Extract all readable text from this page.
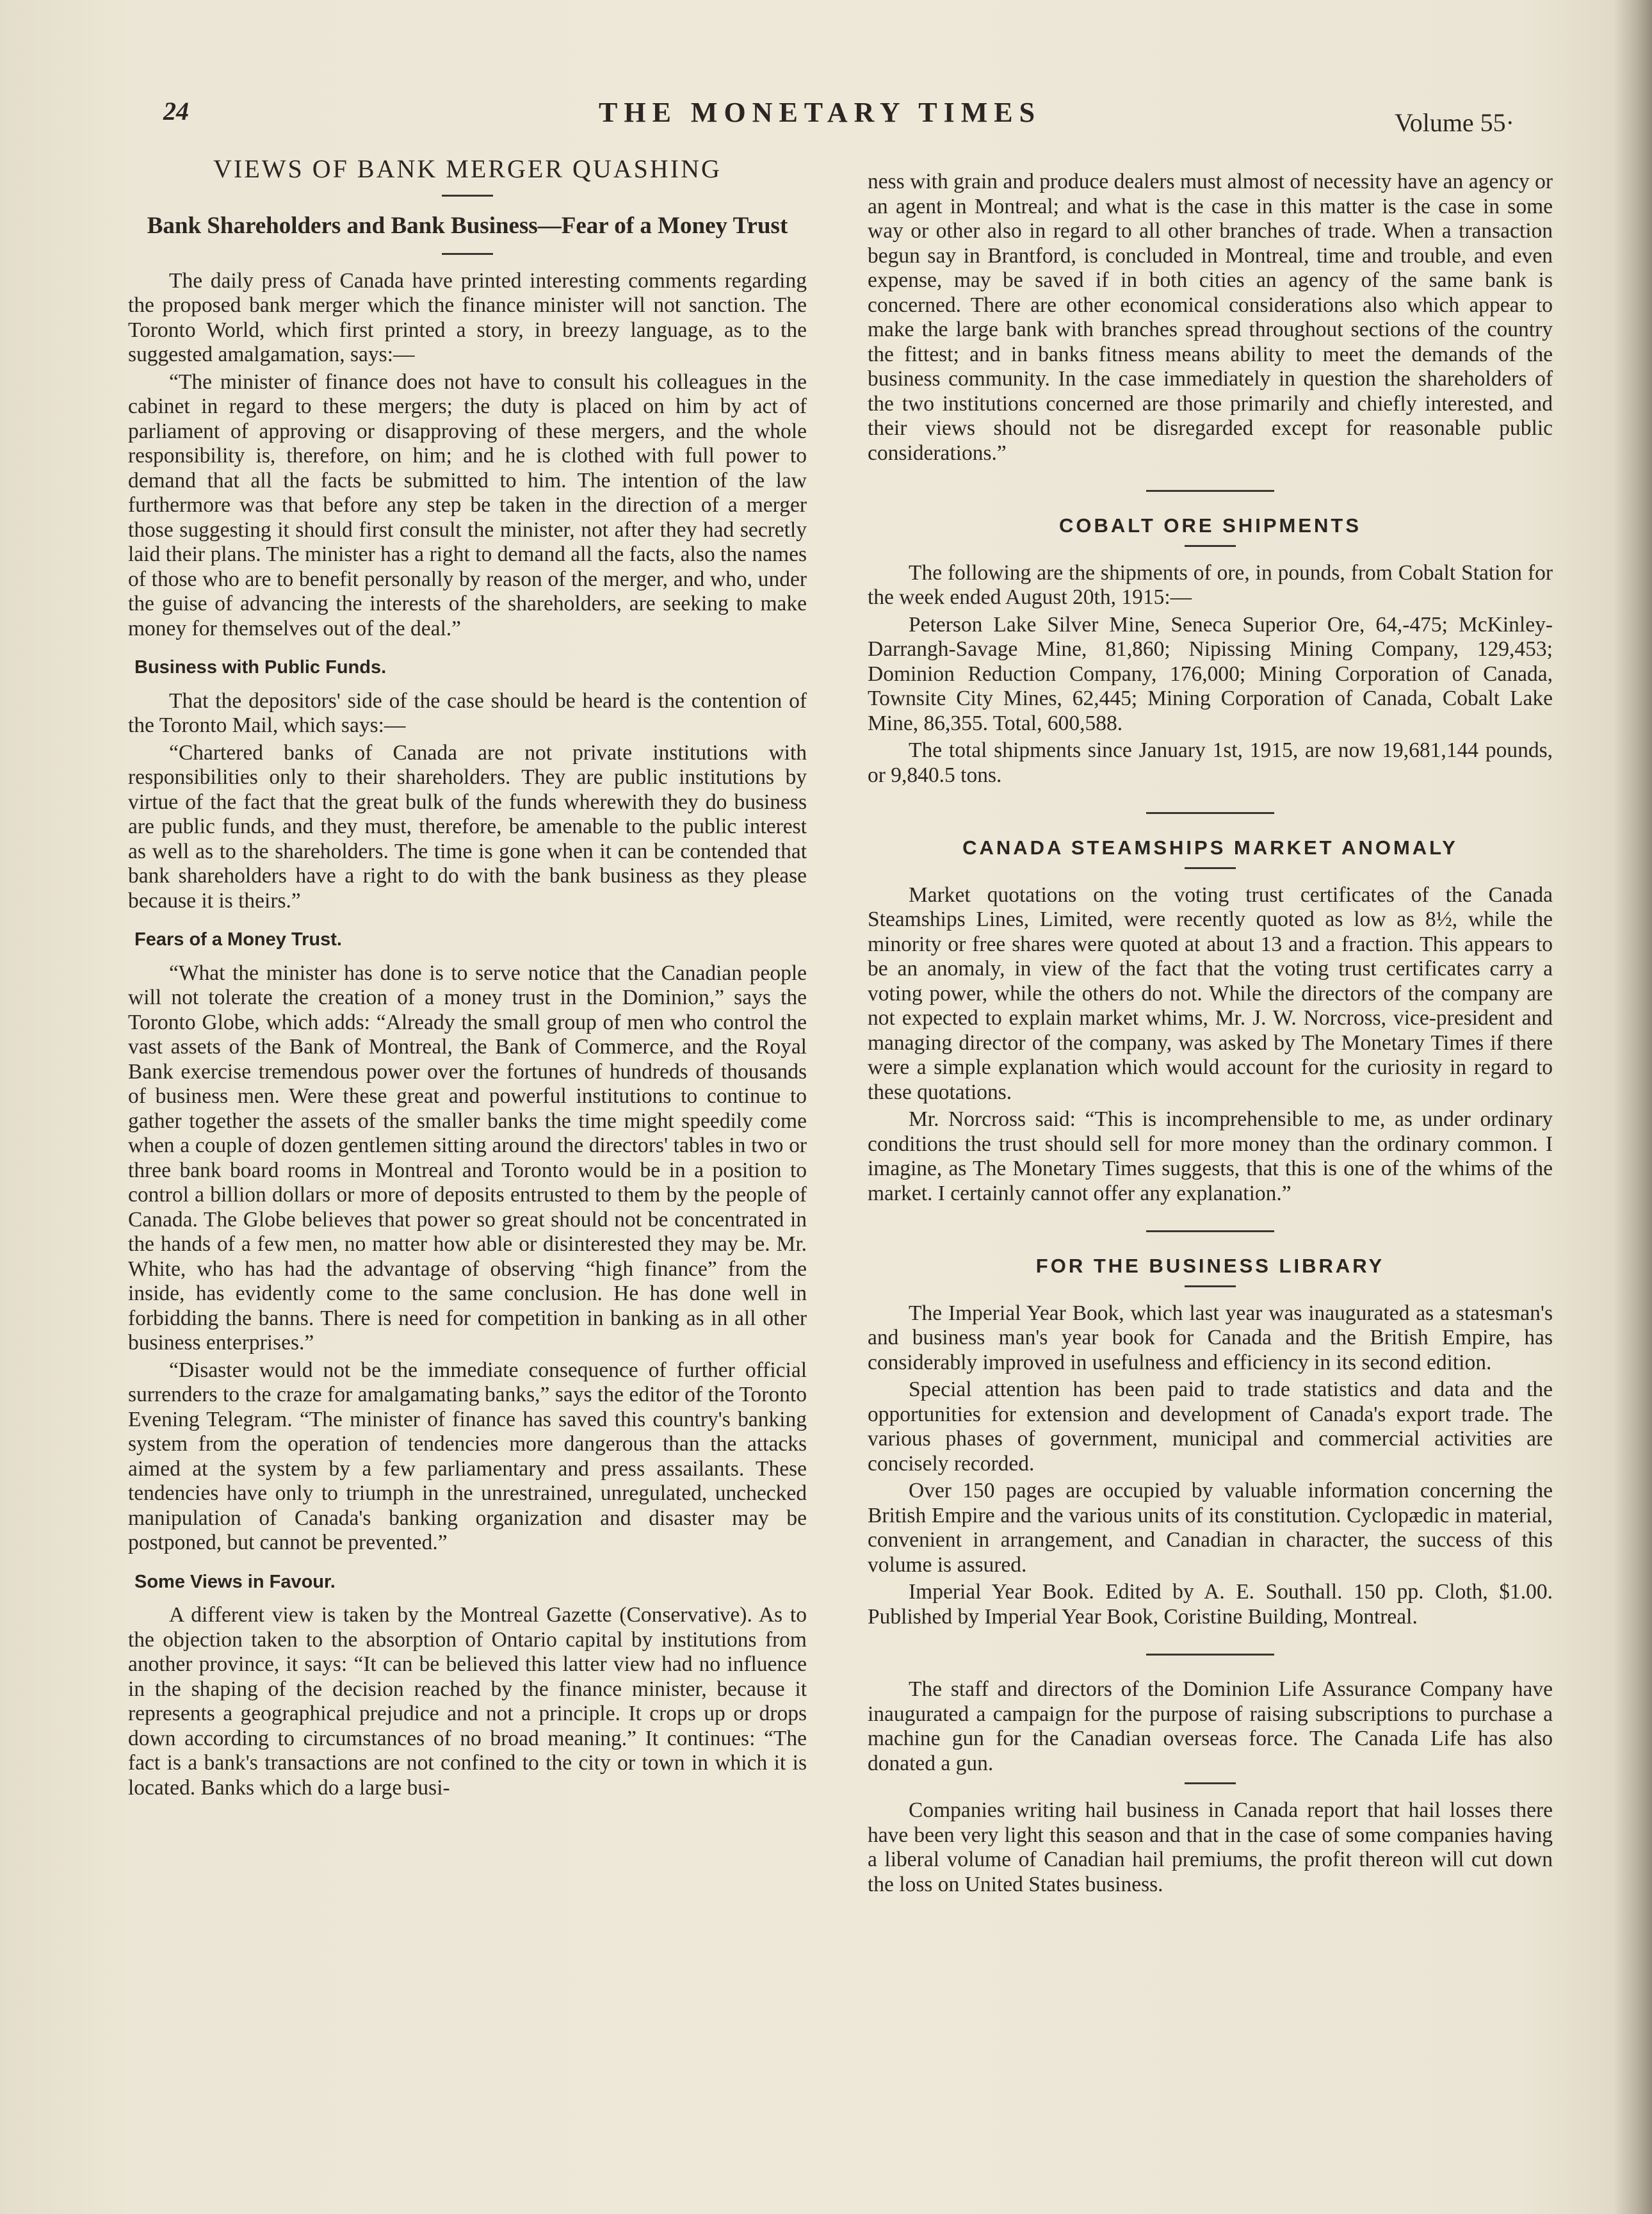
24	THE MONETARY TIMES	Volume 55·
VIEWS OF BANK MERGER QUASHING
Bank Shareholders and Bank Business—Fear of a Money Trust

The daily press of Canada have printed interesting comments regarding the proposed bank merger which the finance minister will not sanction. The Toronto World, which first printed a story, in breezy language, as to the suggested amalgamation, says:—

“The minister of finance does not have to consult his colleagues in the cabinet in regard to these mergers; the duty is placed on him by act of parliament of approving or disapproving of these mergers, and the whole responsibility is, therefore, on him; and he is clothed with full power to demand that all the facts be submitted to him. The intention of the law furthermore was that before any step be taken in the direction of a merger those suggesting it should first consult the minister, not after they had secretly laid their plans. The minister has a right to demand all the facts, also the names of those who are to benefit personally by reason of the merger, and who, under the guise of advancing the interests of the shareholders, are seeking to make money for themselves out of the deal.”

Business with Public Funds.

That the depositors' side of the case should be heard is the contention of the Toronto Mail, which says:—

“Chartered banks of Canada are not private institutions with responsibilities only to their shareholders. They are public institutions by virtue of the fact that the great bulk of the funds wherewith they do business are public funds, and they must, therefore, be amenable to the public interest as well as to the shareholders. The time is gone when it can be contended that bank shareholders have a right to do with the bank business as they please because it is theirs.”

Fears of a Money Trust.

“What the minister has done is to serve notice that the Canadian people will not tolerate the creation of a money trust in the Dominion,” says the Toronto Globe, which adds: “Already the small group of men who control the vast assets of the Bank of Montreal, the Bank of Commerce, and the Royal Bank exercise tremendous power over the fortunes of hundreds of thousands of business men. Were these great and powerful institutions to continue to gather together the assets of the smaller banks the time might speedily come when a couple of dozen gentlemen sitting around the directors' tables in two or three bank board rooms in Montreal and Toronto would be in a position to control a billion dollars or more of deposits entrusted to them by the people of Canada. The Globe believes that power so great should not be concentrated in the hands of a few men, no matter how able or disinterested they may be. Mr. White, who has had the advantage of observing “high finance” from the inside, has evidently come to the same conclusion. He has done well in forbidding the banns. There is need for competition in banking as in all other business enterprises.”

“Disaster would not be the immediate consequence of further official surrenders to the craze for amalgamating banks,” says the editor of the Toronto Evening Telegram. “The minister of finance has saved this country's banking system from the operation of tendencies more dangerous than the attacks aimed at the system by a few parliamentary and press assailants. These tendencies have only to triumph in the unrestrained, unregulated, unchecked manipulation of Canada's banking organization and disaster may be postponed, but cannot be prevented.”

Some Views in Favour.

A different view is taken by the Montreal Gazette (Conservative). As to the objection taken to the absorption of Ontario capital by institutions from another province, it says: “It can be believed this latter view had no influence in the shaping of the decision reached by the finance minister, because it represents a geographical prejudice and not a principle. It crops up or drops down according to circumstances of no broad meaning.” It continues: “The fact is a bank's transactions are not confined to the city or town in which it is located. Banks which do a large busi-

ness with grain and produce dealers must almost of necessity have an agency or an agent in Montreal; and what is the case in this matter is the case in some way or other also in regard to all other branches of trade. When a transaction begun say in Brantford, is concluded in Montreal, time and trouble, and even expense, may be saved if in both cities an agency of the same bank is concerned. There are other economical considerations also which appear to make the large bank with branches spread throughout sections of the country the fittest; and in banks fitness means ability to meet the demands of the business community. In the case immediately in question the shareholders of the two institutions concerned are those primarily and chiefly interested, and their views should not be disregarded except for reasonable public considerations.”

COBALT ORE SHIPMENTS

The following are the shipments of ore, in pounds, from Cobalt Station for the week ended August 20th, 1915:—

Peterson Lake Silver Mine, Seneca Superior Ore, 64,-475; McKinley-Darrangh-Savage Mine, 81,860; Nipissing Mining Company, 129,453; Dominion Reduction Company, 176,000; Mining Corporation of Canada, Townsite City Mines, 62,445; Mining Corporation of Canada, Cobalt Lake Mine, 86,355. Total, 600,588.

The total shipments since January 1st, 1915, are now 19,681,144 pounds, or 9,840.5 tons.

CANADA STEAMSHIPS MARKET ANOMALY

Market quotations on the voting trust certificates of the Canada Steamships Lines, Limited, were recently quoted as low as 8½, while the minority or free shares were quoted at about 13 and a fraction. This appears to be an anomaly, in view of the fact that the voting trust certificates carry a voting power, while the others do not. While the directors of the company are not expected to explain market whims, Mr. J. W. Norcross, vice-president and managing director of the company, was asked by The Monetary Times if there were a simple explanation which would account for the curiosity in regard to these quotations.

Mr. Norcross said: “This is incomprehensible to me, as under ordinary conditions the trust should sell for more money than the ordinary common. I imagine, as The Monetary Times suggests, that this is one of the whims of the market. I certainly cannot offer any explanation.”

FOR THE BUSINESS LIBRARY

The Imperial Year Book, which last year was inaugurated as a statesman's and business man's year book for Canada and the British Empire, has considerably improved in usefulness and efficiency in its second edition.

Special attention has been paid to trade statistics and data and the opportunities for extension and development of Canada's export trade. The various phases of government, municipal and commercial activities are concisely recorded.

Over 150 pages are occupied by valuable information concerning the British Empire and the various units of its constitution. Cyclopædic in material, convenient in arrangement, and Canadian in character, the success of this volume is assured.

Imperial Year Book. Edited by A. E. Southall. 150 pp. Cloth, $1.00. Published by Imperial Year Book, Coristine Building, Montreal.

The staff and directors of the Dominion Life Assurance Company have inaugurated a campaign for the purpose of raising subscriptions to purchase a machine gun for the Canadian overseas force. The Canada Life has also donated a gun.

Companies writing hail business in Canada report that hail losses there have been very light this season and that in the case of some companies having a liberal volume of Canadian hail premiums, the profit thereon will cut down the loss on United States business.
